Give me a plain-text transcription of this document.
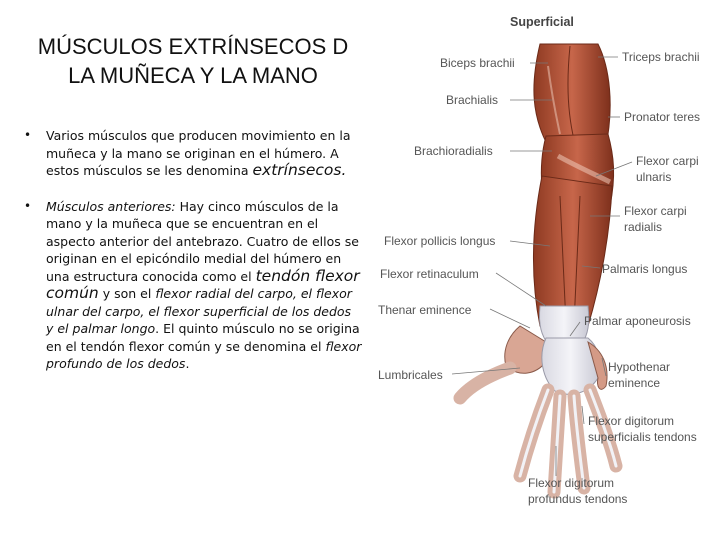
MÚSCULOS EXTRÍNSECOS D
LA MUÑECA Y LA MANO
• Varios músculos que producen movimiento en la muñeca y la mano se originan en el húmero. A estos músculos se les denomina extrínsecos.
• Músculos anteriores: Hay cinco músculos de la mano y la muñeca que se encuentran en el aspecto anterior del antebrazo. Cuatro de ellos se originan en el epicóndilo medial del húmero en una estructura conocida como el tendón flexor común y son el flexor radial del carpo, el flexor ulnar del carpo, el flexor superficial de los dedos y el palmar longo. El quinto músculo no se origina en el tendón flexor común y se denomina el flexor profundo de los dedos.
Superficial
Biceps brachii	Triceps brachii
Brachialis
Pronator teres
Brachioradialis
Flexor carpi
ulnaris
Flexor carpi
radialis
Flexor pollicis longus
Palmaris longus
Flexor retinaculum
Thenar eminence
Palmar aponeurosis
Hypothenar
eminence
Lumbricales
Flexor digitorum
superficialis tendons
Flexor digitorum
profundus tendons
